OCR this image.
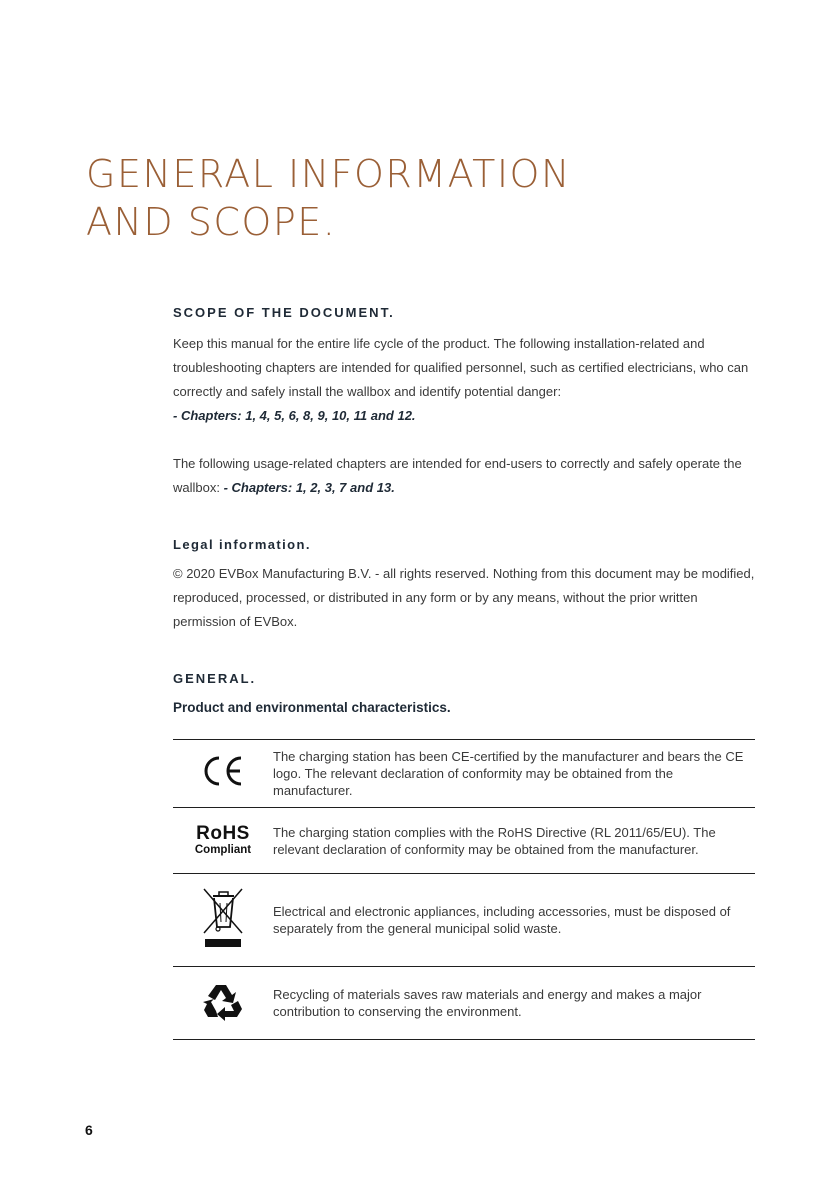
GENERAL INFORMATION
AND SCOPE.
SCOPE OF THE DOCUMENT.

Keep this manual for the entire life cycle of the product. The following installation-related and troubleshooting chapters are intended for qualified personnel, such as certified electricians, who can correctly and safely install the wallbox and identify potential danger:
- Chapters: 1, 4, 5, 6, 8, 9, 10, 11 and 12.

The following usage-related chapters are intended for end-users to correctly and safely operate the wallbox: - Chapters: 1, 2, 3, 7 and 13.

Legal information.

© 2020 EVBox Manufacturing B.V. - all rights reserved. Nothing from this document may be modified, reproduced, processed, or distributed in any form or by any means, without the prior written permission of EVBox.

GENERAL.
Product and environmental characteristics.
	The charging station has been CE-certified by the manufacturer and bears the CE logo. The relevant declaration of conformity may be obtained from the manufacturer.

RoHS
Compliant	The charging station complies with the RoHS Directive (RL 2011/65/EU). The relevant declaration of conformity may be obtained from the manufacturer.
	Electrical and electronic appliances, including accessories, must be disposed of separately from the general municipal solid waste.
	Recycling of materials saves raw materials and energy and makes a major contribution to conserving the environment.
6
